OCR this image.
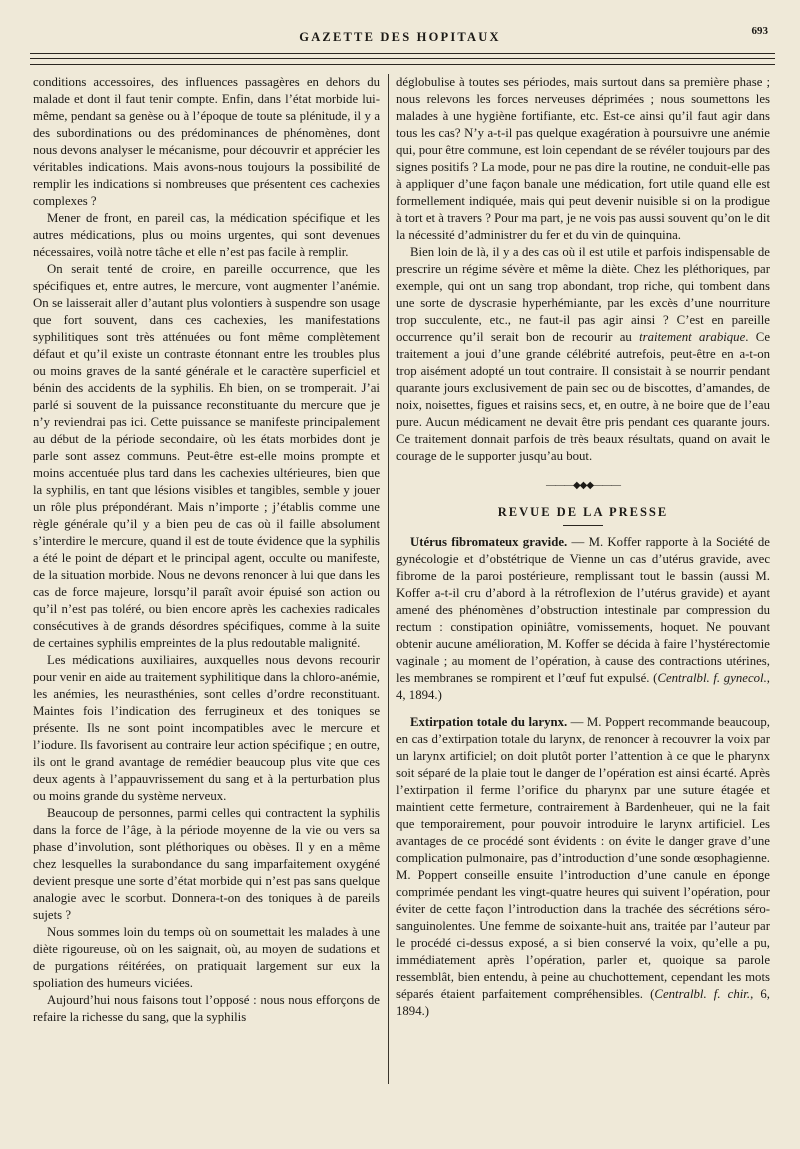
GAZETTE DES HOPITAUX	693

conditions accessoires, des influences passagères en dehors du malade et dont il faut tenir compte. Enfin, dans l’état morbide lui-même, pendant sa genèse ou à l’époque de toute sa plénitude, il y a des subordinations ou des prédominances de phénomènes, dont nous devons analyser le mécanisme, pour découvrir et apprécier les véritables indications. Mais avons-nous toujours la possibilité de remplir les indications si nombreuses que présentent ces cachexies complexes ?

Mener de front, en pareil cas, la médication spécifique et les autres médications, plus ou moins urgentes, qui sont devenues nécessaires, voilà notre tâche et elle n’est pas facile à remplir.

On serait tenté de croire, en pareille occurrence, que les spécifiques et, entre autres, le mercure, vont augmenter l’anémie. On se laisserait aller d’autant plus volontiers à suspendre son usage que fort souvent, dans ces cachexies, les manifestations syphilitiques sont très atténuées ou font même complètement défaut et qu’il existe un contraste étonnant entre les troubles plus ou moins graves de la santé générale et le caractère superficiel et bénin des accidents de la syphilis. Eh bien, on se tromperait. J’ai parlé si souvent de la puissance reconstituante du mercure que je n’y reviendrai pas ici. Cette puissance se manifeste principalement au début de la période secondaire, où les états morbides dont je parle sont assez communs. Peut-être est-elle moins prompte et moins accentuée plus tard dans les cachexies ultérieures, bien que la syphilis, en tant que lésions visibles et tangibles, semble y jouer un rôle plus prépondérant. Mais n’importe ; j’établis comme une règle générale qu’il y a bien peu de cas où il faille absolument s’interdire le mercure, quand il est de toute évidence que la syphilis a été le point de départ et le principal agent, occulte ou manifeste, de la situation morbide. Nous ne devons renoncer à lui que dans les cas de force majeure, lorsqu’il paraît avoir épuisé son action ou qu’il n’est pas toléré, ou bien encore après les cachexies radicales consécutives à de grands désordres spécifiques, comme à la suite de certaines syphilis empreintes de la plus redoutable malignité.

Les médications auxiliaires, auxquelles nous devons recourir pour venir en aide au traitement syphilitique dans la chloro-anémie, les anémies, les neurasthénies, sont celles d’ordre reconstituant. Maintes fois l’indication des ferrugineux et des toniques se présente. Ils ne sont point incompatibles avec le mercure et l’iodure. Ils favorisent au contraire leur action spécifique ; en outre, ils ont le grand avantage de remédier beaucoup plus vite que ces deux agents à l’appauvrissement du sang et à la perturbation plus ou moins grande du système nerveux.

Beaucoup de personnes, parmi celles qui contractent la syphilis dans la force de l’âge, à la période moyenne de la vie ou vers sa phase d’involution, sont pléthoriques ou obèses. Il y en a même chez lesquelles la surabondance du sang imparfaitement oxygéné devient presque une sorte d’état morbide qui n’est pas sans quelque analogie avec le scorbut. Donnera-t-on des toniques à de pareils sujets ?

Nous sommes loin du temps où on soumettait les malades à une diète rigoureuse, où on les saignait, où, au moyen de sudations et de purgations réitérées, on pratiquait largement sur eux la spoliation des humeurs viciées.

Aujourd’hui nous faisons tout l’opposé : nous nous efforçons de refaire la richesse du sang, que la syphilis

déglobulise à toutes ses périodes, mais surtout dans sa première phase ; nous relevons les forces nerveuses déprimées ; nous soumettons les malades à une hygiène fortifiante, etc. Est-ce ainsi qu’il faut agir dans tous les cas? N’y a-t-il pas quelque exagération à poursuivre une anémie qui, pour être commune, est loin cependant de se révéler toujours par des signes positifs ? La mode, pour ne pas dire la routine, ne conduit-elle pas à appliquer d’une façon banale une médication, fort utile quand elle est formellement indiquée, mais qui peut devenir nuisible si on la prodigue à tort et à travers ? Pour ma part, je ne vois pas aussi souvent qu’on le dit la nécessité d’administrer du fer et du vin de quinquina.

Bien loin de là, il y a des cas où il est utile et parfois indispensable de prescrire un régime sévère et même la diète. Chez les pléthoriques, par exemple, qui ont un sang trop abondant, trop riche, qui tombent dans une sorte de dyscrasie hyperhémiante, par les excès d’une nourriture trop succulente, etc., ne faut-il pas agir ainsi ? C’est en pareille occurrence qu’il serait bon de recourir au traitement arabique. Ce traitement a joui d’une grande célébrité autrefois, peut-être en a-t-on trop aisément adopté un tout contraire. Il consistait à se nourrir pendant quarante jours exclusivement de pain sec ou de biscottes, d’amandes, de noix, noisettes, figues et raisins secs, et, en outre, à ne boire que de l’eau pure. Aucun médicament ne devait être pris pendant ces quarante jours. Ce traitement donnait parfois de très beaux résultats, quand on avait le courage de le supporter jusqu’au bout.

———◆◆◆———
REVUE DE LA PRESSE

Utérus fibromateux gravide. — M. Koffer rapporte à la Société de gynécologie et d’obstétrique de Vienne un cas d’utérus gravide, avec fibrome de la paroi postérieure, remplissant tout le bassin (aussi M. Koffer a-t-il cru d’abord à la rétroflexion de l’utérus gravide) et ayant amené des phénomènes d’obstruction intestinale par compression du rectum : constipation opiniâtre, vomissements, hoquet. Ne pouvant obtenir aucune amélioration, M. Koffer se décida à faire l’hystérectomie vaginale ; au moment de l’opération, à cause des contractions utérines, les membranes se rompirent et l’œuf fut expulsé. (Centralbl. f. gynecol., 4, 1894.)

Extirpation totale du larynx. — M. Poppert recommande beaucoup, en cas d’extirpation totale du larynx, de renoncer à recouvrer la voix par un larynx artificiel; on doit plutôt porter l’attention à ce que le pharynx soit séparé de la plaie tout le danger de l’opération est ainsi écarté. Après l’extirpation il ferme l’orifice du pharynx par une suture étagée et maintient cette fermeture, contrairement à Bardenheuer, qui ne la fait que temporairement, pour pouvoir introduire le larynx artificiel. Les avantages de ce procédé sont évidents : on évite le danger grave d’une complication pulmonaire, pas d’introduction d’une sonde œsophagienne. M. Poppert conseille ensuite l’introduction d’une canule en éponge comprimée pendant les vingt-quatre heures qui suivent l’opération, pour éviter de cette façon l’introduction dans la trachée des sécrétions séro-sanguinolentes. Une femme de soixante-huit ans, traitée par l’auteur par le procédé ci-dessus exposé, a si bien conservé la voix, qu’elle a pu, immédiatement après l’opération, parler et, quoique sa parole ressemblât, bien entendu, à peine au chuchottement, cependant les mots séparés étaient parfaitement compréhensibles. (Centralbl. f. chir., 6, 1894.)
